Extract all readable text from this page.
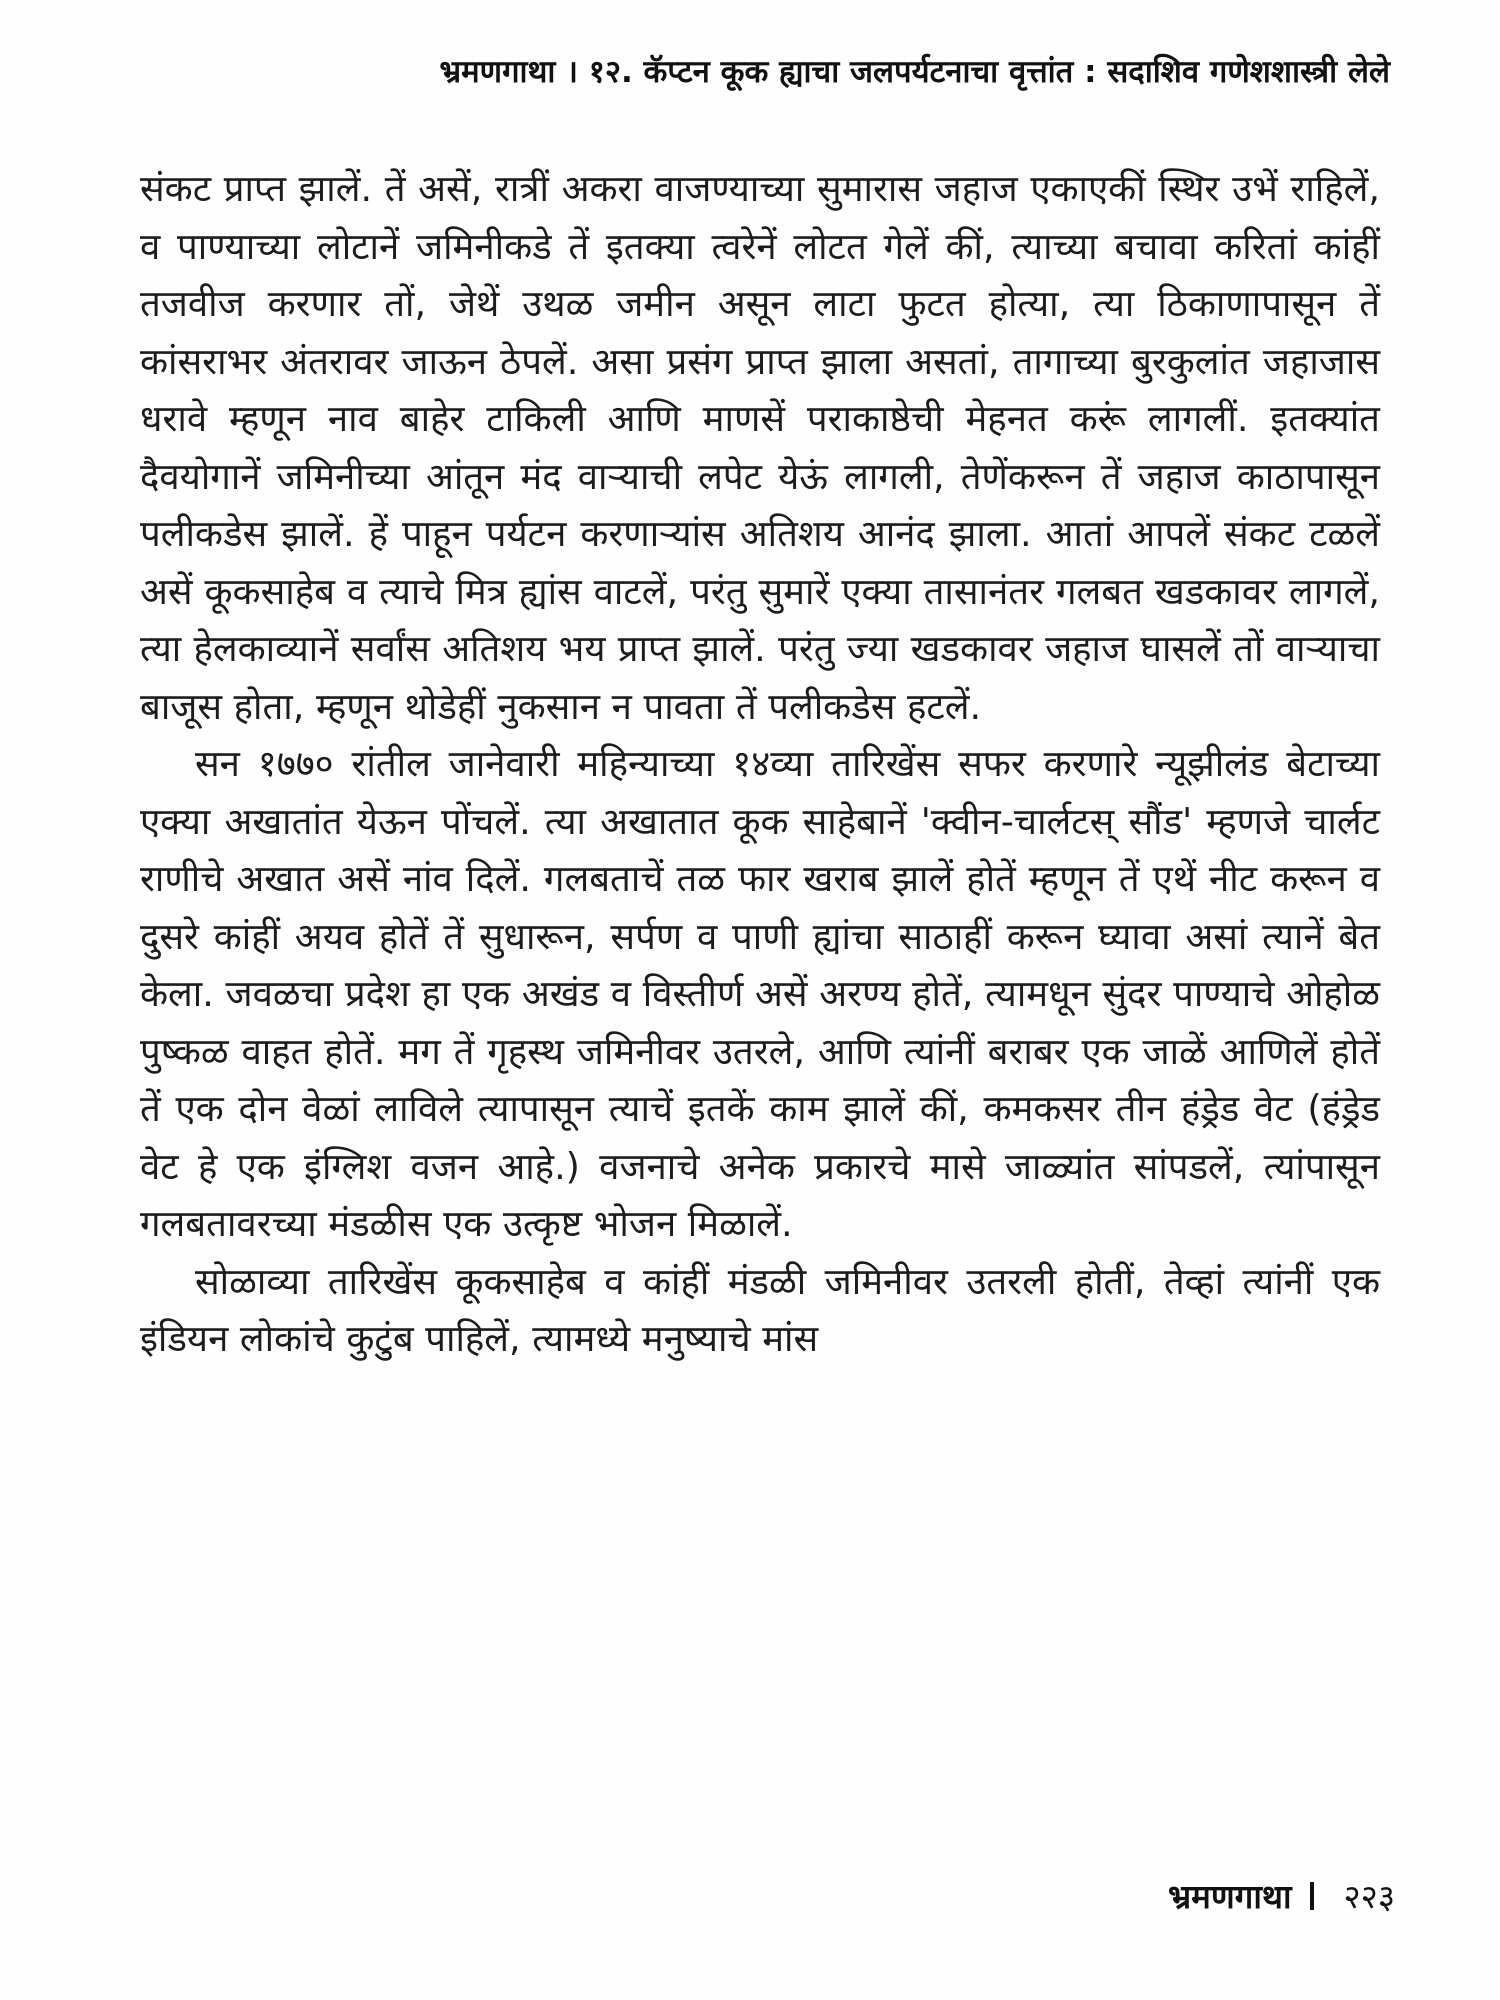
भ्रमणगाथा । १२. कॅप्टन कूक ह्याचा जलपर्यटनाचा वृत्तांत : सदाशिव गणेशशास्त्री लेले

संकट प्राप्त झालें. तें असें, रात्रीं अकरा वाजण्याच्या सुमारास जहाज एकाएकीं स्थिर उभें राहिलें, व पाण्याच्या लोटानें जमिनीकडे तें इतक्या त्वरेनें लोटत गेलें कीं, त्याच्या बचावा करितां कांहीं तजवीज करणार तों, जेथें उथळ जमीन असून लाटा फुटत होत्या, त्या ठिकाणापासून तें कांसराभर अंतरावर जाऊन ठेपलें. असा प्रसंग प्राप्त झाला असतां, तागाच्या बुरकुलांत जहाजास धरावे म्हणून नाव बाहेर टाकिली आणि माणसें पराकाष्ठेची मेहनत करूं लागलीं. इतक्यांत दैवयोगानें जमिनीच्या आंतून मंद वाऱ्याची लपेट येऊं लागली, तेणेंकरून तें जहाज काठापासून पलीकडेस झालें. हें पाहून पर्यटन करणाऱ्यांस अतिशय आनंद झाला. आतां आपलें संकट टळलें असें कूकसाहेब व त्याचे मित्र ह्यांस वाटलें, परंतु सुमारें एक्या तासानंतर गलबत खडकावर लागलें, त्या हेलकाव्यानें सर्वांस अतिशय भय प्राप्त झालें. परंतु ज्या खडकावर जहाज घासलें तों वाऱ्याचा बाजूस होता, म्हणून थोडेहीं नुकसान न पावता तें पलीकडेस हटलें.

सन १७७० रांतील जानेवारी महिन्याच्या १४व्या तारिखेंस सफर करणारे न्यूझीलंड बेटाच्या एक्या अखातांत येऊन पोंचलें. त्या अखातात कूक साहेबानें 'क्वीन-चार्लटस् सौंड' म्हणजे चार्लट राणीचे अखात असें नांव दिलें. गलबताचें तळ फार खराब झालें होतें म्हणून तें एथें नीट करून व दुसरे कांहीं अयव होतें तें सुधारून, सर्पण व पाणी ह्यांचा साठाहीं करून घ्यावा असां त्यानें बेत केला. जवळचा प्रदेश हा एक अखंड व विस्तीर्ण असें अरण्य होतें, त्यामधून सुंदर पाण्याचे ओहोळ पुष्कळ वाहत होतें. मग तें गृहस्थ जमिनीवर उतरले, आणि त्यांनीं बराबर एक जाळें आणिलें होतें तें एक दोन वेळां लाविले त्यापासून त्याचें इतकें काम झालें कीं, कमकसर तीन हंड्रेड वेट (हंड्रेड वेट हे एक इंग्लिश वजन आहे.) वजनाचे अनेक प्रकारचे मासे जाळ्यांत सांपडलें, त्यांपासून गलबतावरच्या मंडळीस एक उत्कृष्ट भोजन मिळालें.

सोळाव्या तारिखेंस कूकसाहेब व कांहीं मंडळी जमिनीवर उतरली होतीं, तेव्हां त्यांनीं एक इंडियन लोकांचे कुटुंब पाहिलें, त्यामध्ये मनुष्याचे मांस

भ्रमणगाथा २२३
